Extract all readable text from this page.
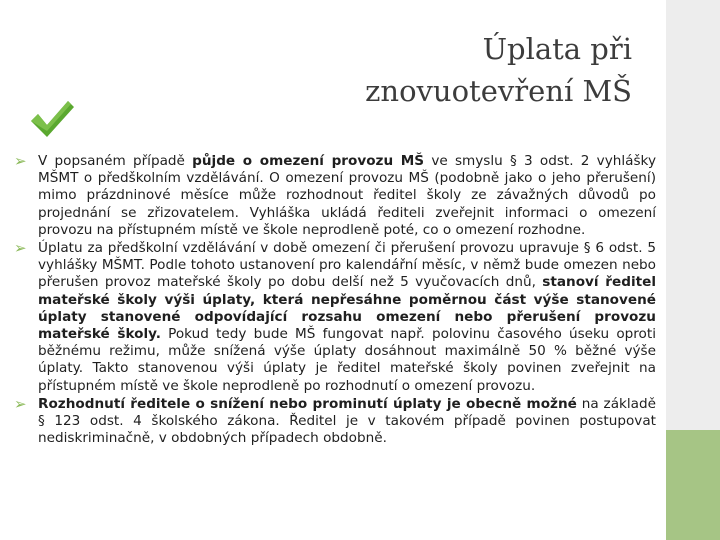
Úplata při
znovuotevření MŠ
➢ V popsaném případě půjde o omezení provozu MŠ ve smyslu § 3 odst. 2 vyhlášky MŠMT o předškolním vzdělávání. O omezení provozu MŠ (podobně jako o jeho přerušení) mimo prázdninové měsíce může rozhodnout ředitel školy ze závažných důvodů po projednání se zřizovatelem. Vyhláška ukládá řediteli zveřejnit informaci o omezení provozu na přístupném místě ve škole neprodleně poté, co o omezení rozhodne.
➢ Úplatu za předškolní vzdělávání v době omezení či přerušení provozu upravuje § 6 odst. 5 vyhlášky MŠMT. Podle tohoto ustanovení pro kalendářní měsíc, v němž bude omezen nebo přerušen provoz mateřské školy po dobu delší než 5 vyučovacích dnů, stanoví ředitel mateřské školy výši úplaty, která nepřesáhne poměrnou část výše stanovené úplaty stanovené odpovídající rozsahu omezení nebo přerušení provozu mateřské školy. Pokud tedy bude MŠ fungovat např. polovinu časového úseku oproti běžnému režimu, může snížená výše úplaty dosáhnout maximálně 50 % běžné výše úplaty. Takto stanovenou výši úplaty je ředitel mateřské školy povinen zveřejnit na přístupném místě ve škole neprodleně po rozhodnutí o omezení provozu.
➢ Rozhodnutí ředitele o snížení nebo prominutí úplaty je obecně možné na základě § 123 odst. 4 školského zákona. Ředitel je v takovém případě povinen postupovat nediskriminačně, v obdobných případech obdobně.
